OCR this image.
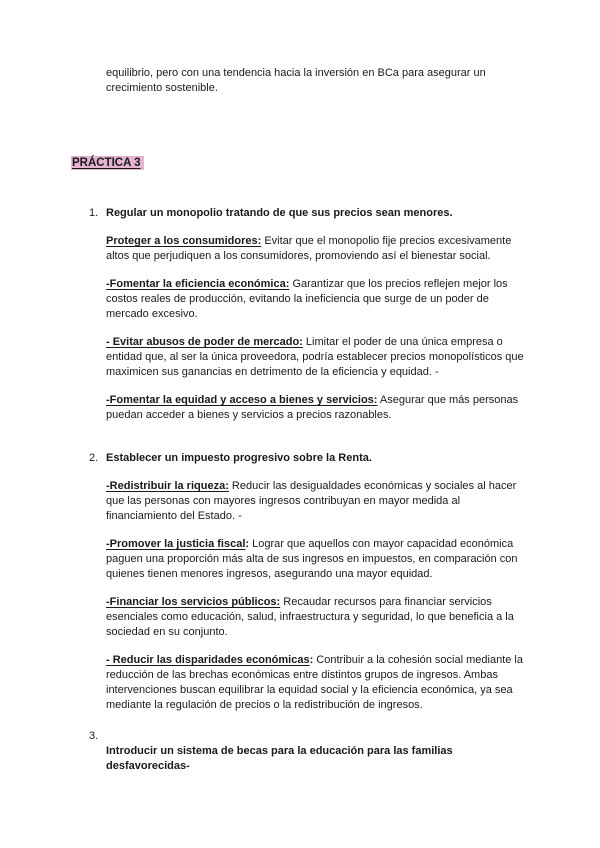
equilibrio, pero con una tendencia hacia la inversión en BCa para asegurar un crecimiento sostenible.

PRÁCTICA 3
1. Regular un monopolio tratando de que sus precios sean menores.

Proteger a los consumidores: Evitar que el monopolio fije precios excesivamente altos que perjudiquen a los consumidores, promoviendo así el bienestar social.

-Fomentar la eficiencia económica: Garantizar que los precios reflejen mejor los costos reales de producción, evitando la ineficiencia que surge de un poder de mercado excesivo.

- Evitar abusos de poder de mercado: Limitar el poder de una única empresa o entidad que, al ser la única proveedora, podría establecer precios monopolísticos que maximicen sus ganancias en detrimento de la eficiencia y equidad. -

-Fomentar la equidad y acceso a bienes y servicios: Asegurar que más personas puedan acceder a bienes y servicios a precios razonables.

2. Establecer un impuesto progresivo sobre la Renta.

-Redistribuir la riqueza: Reducir las desigualdades económicas y sociales al hacer que las personas con mayores ingresos contribuyan en mayor medida al financiamiento del Estado. -

-Promover la justicia fiscal: Lograr que aquellos con mayor capacidad económica paguen una proporción más alta de sus ingresos en impuestos, en comparación con quienes tienen menores ingresos, asegurando una mayor equidad.

-Financiar los servicios públicos: Recaudar recursos para financiar servicios esenciales como educación, salud, infraestructura y seguridad, lo que beneficia a la sociedad en su conjunto.

- Reducir las disparidades económicas: Contribuir a la cohesión social mediante la reducción de las brechas económicas entre distintos grupos de ingresos. Ambas intervenciones buscan equilibrar la equidad social y la eficiencia económica, ya sea mediante la regulación de precios o la redistribución de ingresos.

3.
Introducir un sistema de becas para la educación para las familias desfavorecidas-
